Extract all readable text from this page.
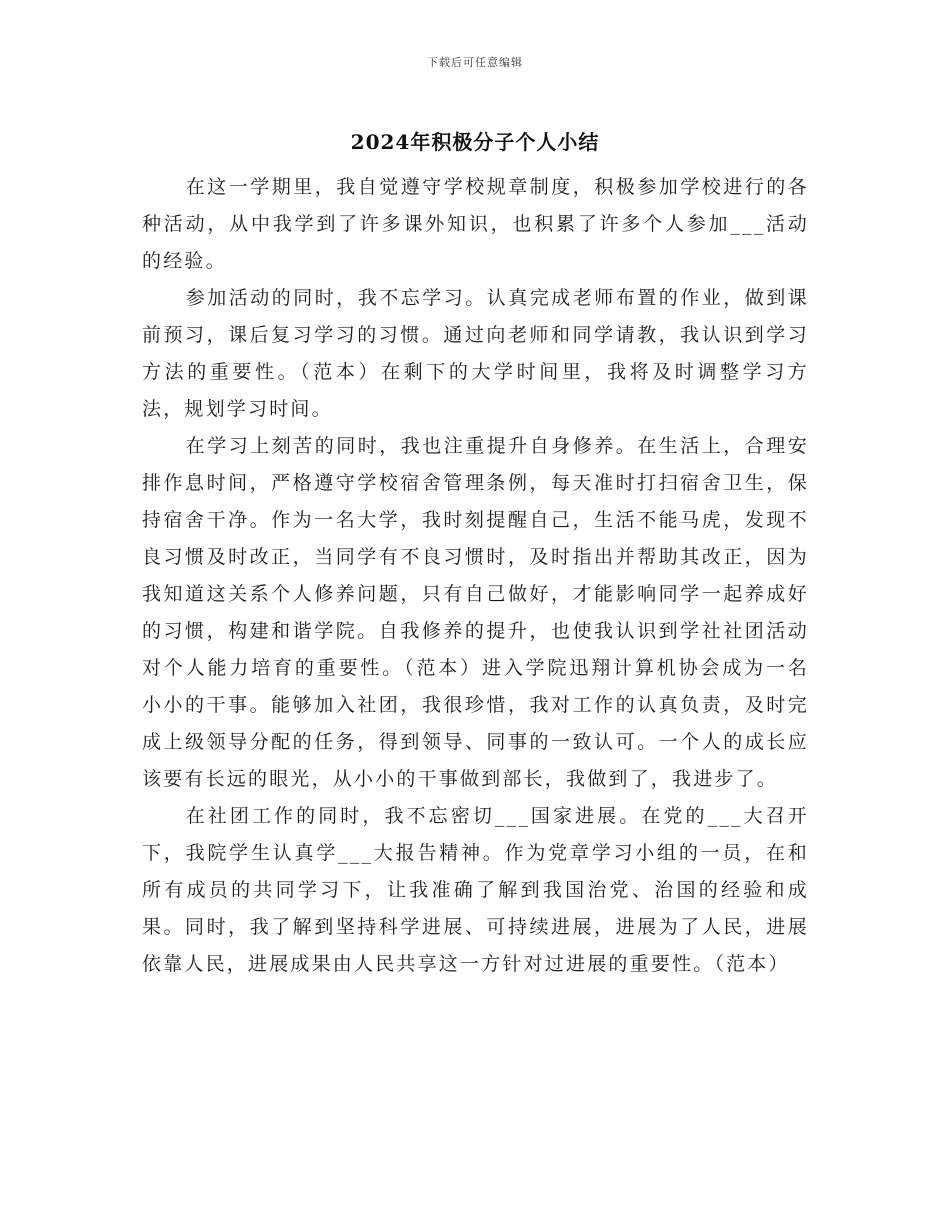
下载后可任意编辑
2024年积极分子个人小结

在这一学期里，我自觉遵守学校规章制度，积极参加学校进行的各种活动，从中我学到了许多课外知识，也积累了许多个人参加___活动的经验。

参加活动的同时，我不忘学习。认真完成老师布置的作业，做到课前预习，课后复习学习的习惯。通过向老师和同学请教，我认识到学习方法的重要性。（范本）在剩下的大学时间里，我将及时调整学习方法，规划学习时间。

在学习上刻苦的同时，我也注重提升自身修养。在生活上，合理安排作息时间，严格遵守学校宿舍管理条例，每天准时打扫宿舍卫生，保持宿舍干净。作为一名大学，我时刻提醒自己，生活不能马虎，发现不良习惯及时改正，当同学有不良习惯时，及时指出并帮助其改正，因为我知道这关系个人修养问题，只有自己做好，才能影响同学一起养成好的习惯，构建和谐学院。自我修养的提升，也使我认识到学社社团活动对个人能力培育的重要性。（范本）进入学院迅翔计算机协会成为一名小小的干事。能够加入社团，我很珍惜，我对工作的认真负责，及时完成上级领导分配的任务，得到领导、同事的一致认可。一个人的成长应该要有长远的眼光，从小小的干事做到部长，我做到了，我进步了。

在社团工作的同时，我不忘密切___国家进展。在党的___大召开下，我院学生认真学___大报告精神。作为党章学习小组的一员，在和所有成员的共同学习下，让我准确了解到我国治党、治国的经验和成果。同时，我了解到坚持科学进展、可持续进展，进展为了人民，进展依靠人民，进展成果由人民共享这一方针对过进展的重要性。（范本）
